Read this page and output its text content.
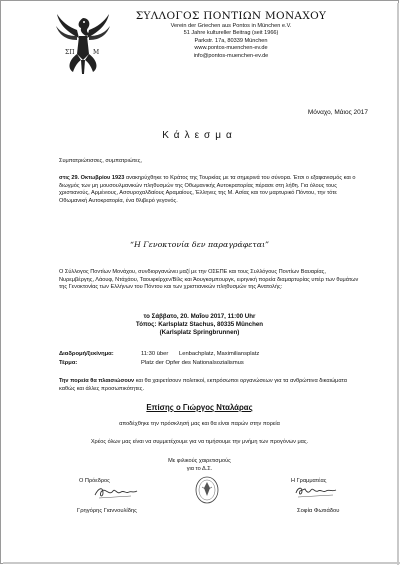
ΣΠ	Μ
ΣΥΛΛΟΓΟΣ ΠΟΝΤΙΩΝ ΜΟΝΑΧΟΥ
Verein der Griechen aus Pontos in München e.V.
51 Jahre kultureller Beitrag (seit 1966)
Parkstr. 17a, 80339 München
www.pontos-muenchen-ev.de
info@pontos-muenchen-ev.de
Μόναχο, Μάιος 2017
Κάλεσμα
Συμπατριώτισσες, συμπατριώτες,
στις 29. Οκτωβρίου 1923 ανακηρύχθηκε το Κράτος της Τουρκίας με τα σημερινά του σύνορα. Έτσι ο εξαφανισμός και ο διωγμός των μη μουσουλμανικών πληθυσμών της Οθωμανικής Αυτοκρατορίας πέρασε στη λήθη. Για όλους τους χριστιανούς, Αρμένιους, Ασσυροχαλδαίους Αραμαίους, Έλληνες της Μ. Ασίας και τον μαρτυρικό Πόντου, την τότε Οθωμανική Αυτοκρατορία, ένα θλιβερό γεγονός.
“Η Γενοκτονία δεν παραγράφεται”
Ο Σύλλογος Ποντίων Μονάχου, συνδιοργανώνει μαζί με την ΟΣΕΠΕ και τους Συλλόγους Ποντίων Βαυαρίας, Νυρεμβέργης, Λάουφ, Ντάχάου, Ταουφκίρχεν/Βίλς και Άουγκσμπουργκ, ειρηνική πορεία διαμαρτυρίας υπέρ των θυμάτων της Γενοκτονίας των Ελλήνων του Πόντου και των χριστιανικών πληθυσμών της Ανατολής:
το Σάββατο, 20. Μαΐου 2017, 11:00 Uhr
Τόπος: Karlsplatz Stachus, 80335 München
(Karlsplatz Springbrunnen)
Διαδρομή/ξεκίνημα:	11:30 über Lenbachplatz, Maximiliansplatz
Τέρμα:	Platz der Opfer des Nationalsozialismus
Την πορεία θα πλαισιώσουν και θα χαιρετίσουν πολιτικοί, εκπρόσωποι οργανώσεων για τα ανθρώπινα δικαιώματα καθώς και άλλες προσωπικότητες.
Επίσης ο Γιώργος Νταλάρας
αποδέχθηκε την πρόσκλησή μας και θα είναι παρών στην πορεία
Χρέος όλων μας είναι να συμμετέχουμε για να τιμήσουμε την μνήμη των προγόνων μας.
Με φιλικούς χαιρετισμούς
για το Δ.Σ.
Ο Πρόεδρος	Η Γραμματέας
Γρηγόρης Γιαννουλίδης	Σοφία Φωτιάδου
